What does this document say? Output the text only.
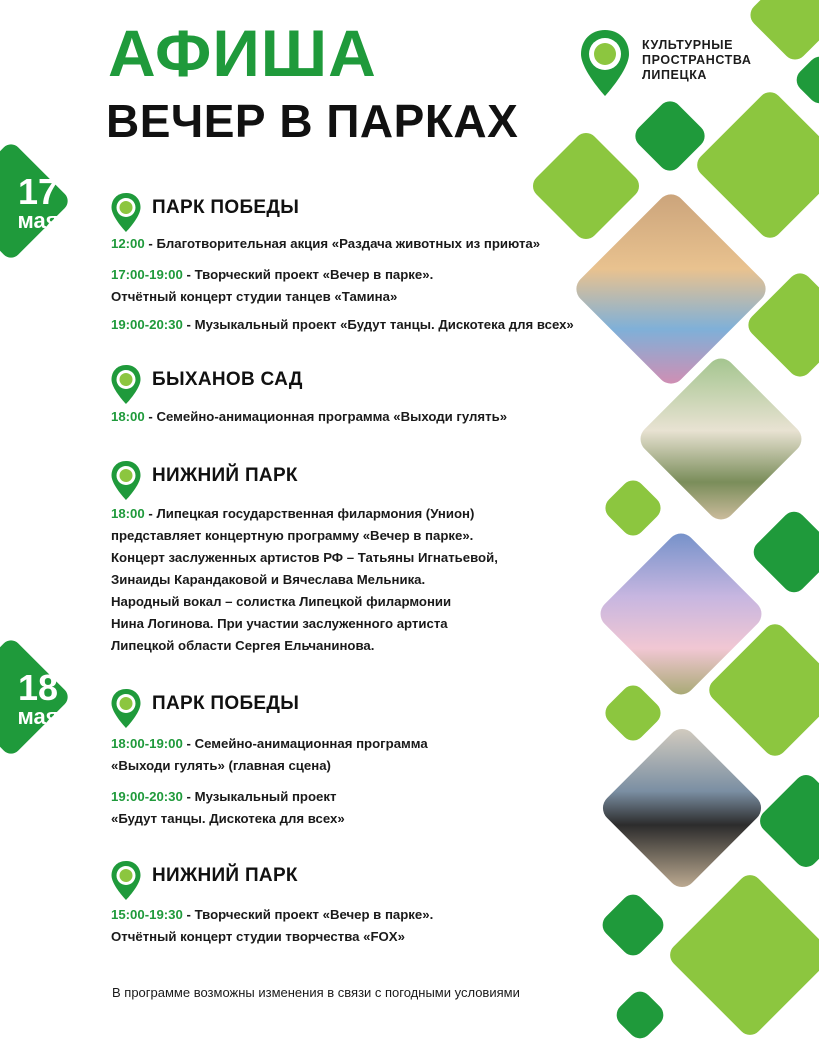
АФИША
ВЕЧЕР В ПАРКАХ
КУЛЬТУРНЫЕ
ПРОСТРАНСТВА
ЛИПЕЦКА
17
мая
18
мая
ПАРК ПОБЕДЫ
12:00 - Благотворительная акция «Раздача животных из приюта»
17:00-19:00 - Творческий проект «Вечер в парке».
Отчётный концерт студии танцев «Тамина»
19:00-20:30 - Музыкальный проект «Будут танцы. Дискотека для всех»
БЫХАНОВ САД
18:00 - Семейно-анимационная программа «Выходи гулять»
НИЖНИЙ ПАРК
18:00 - Липецкая государственная филармония (Унион)
представляет концертную программу «Вечер в парке».
Концерт заслуженных артистов РФ – Татьяны Игнатьевой,
Зинаиды Карандаковой и Вячеслава Мельника.
Народный вокал – солистка Липецкой филармонии
Нина Логинова. При участии заслуженного артиста
Липецкой области Сергея Ельчанинова.
ПАРК ПОБЕДЫ
18:00-19:00 - Семейно-анимационная программа
«Выходи гулять» (главная сцена)
19:00-20:30 - Музыкальный проект
«Будут танцы. Дискотека для всех»
НИЖНИЙ ПАРК
15:00-19:30 - Творческий проект «Вечер в парке».
Отчётный концерт студии творчества «FOX»
В программе возможны изменения в связи с погодными условиями
